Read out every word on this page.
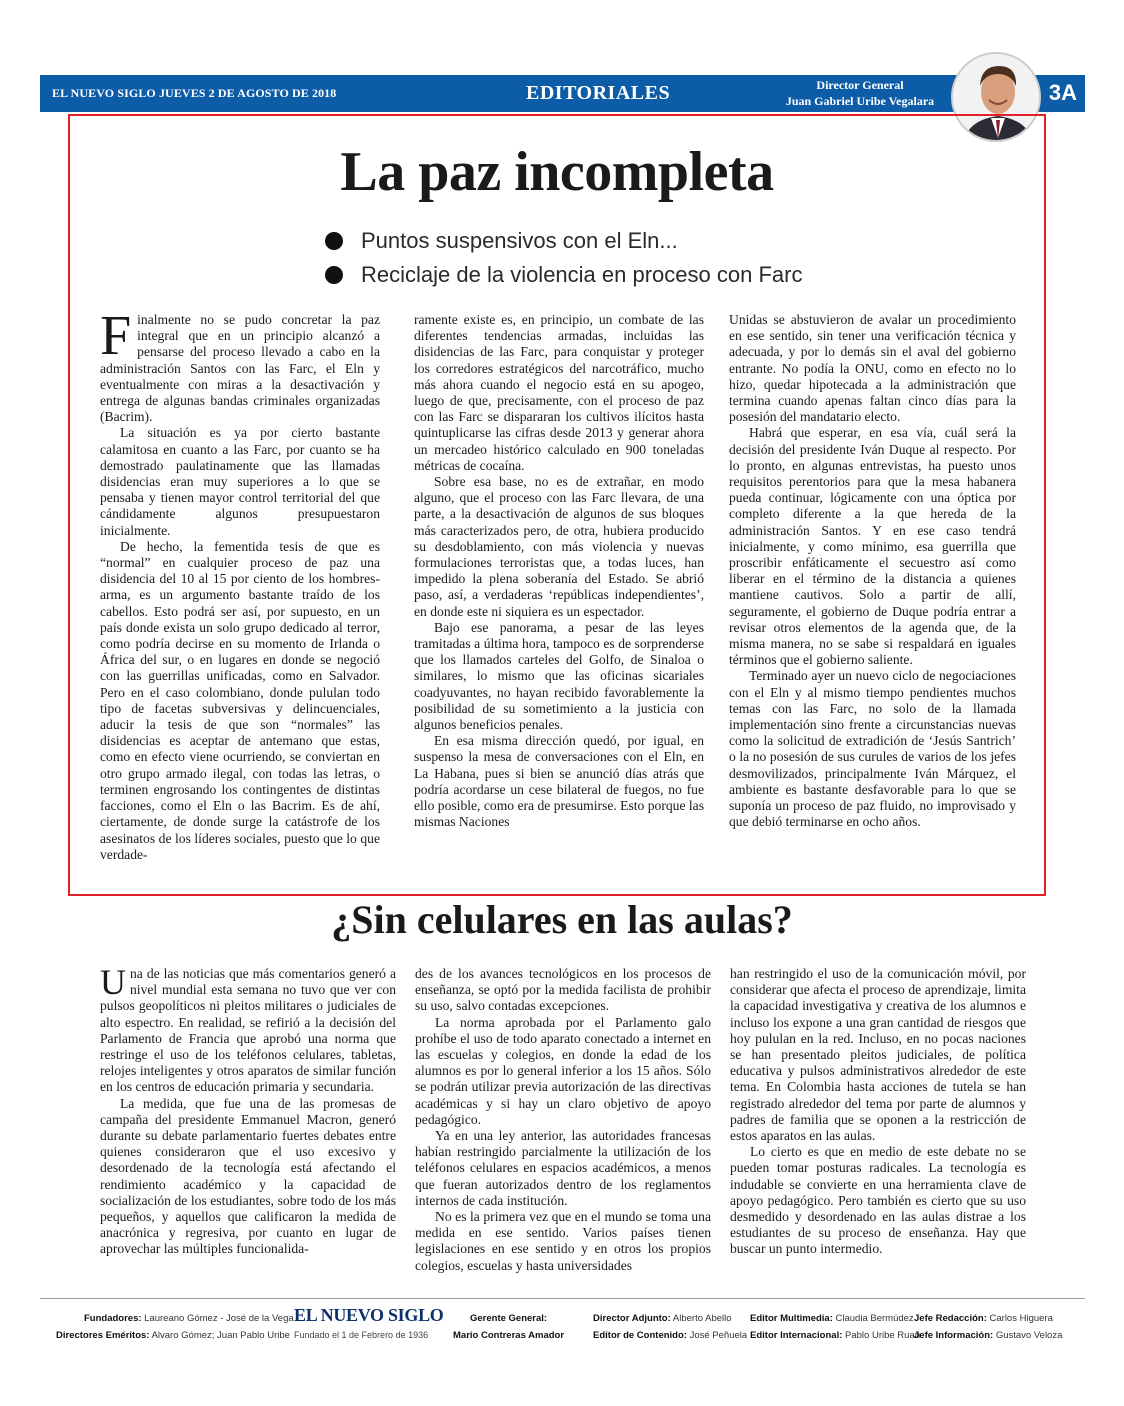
EL NUEVO SIGLO JUEVES 2 DE AGOSTO DE 2018	EDITORIALES	Director General
Juan Gabriel Uribe Vegalara	3A
La paz incompleta
Puntos suspensivos con el Eln...
Reciclaje de la violencia en proceso con Farc

Finalmente no se pudo concretar la paz integral que en un principio alcanzó a pensarse del proceso llevado a cabo en la administración Santos con las Farc, el Eln y eventualmente con miras a la desactivación y entrega de algunas bandas criminales organizadas (Bacrim).

La situación es ya por cierto bastante calamitosa en cuanto a las Farc, por cuanto se ha demostrado paulatinamente que las llamadas disidencias eran muy superiores a lo que se pensaba y tienen mayor control territorial del que cándidamente algunos presupuestaron inicialmente.

De hecho, la fementida tesis de que es “normal” en cualquier proceso de paz una disidencia del 10 al 15 por ciento de los hombres-arma, es un argumento bastante traído de los cabellos. Esto podrá ser así, por supuesto, en un país donde exista un solo grupo dedicado al terror, como podría decirse en su momento de Irlanda o África del sur, o en lugares en donde se negoció con las guerrillas unificadas, como en Salvador. Pero en el caso colombiano, donde pululan todo tipo de facetas subversivas y delincuenciales, aducir la tesis de que son “normales” las disidencias es aceptar de antemano que estas, como en efecto viene ocurriendo, se conviertan en otro grupo armado ilegal, con todas las letras, o terminen engrosando los contingentes de distintas facciones, como el Eln o las Bacrim. Es de ahí, ciertamente, de donde surge la catástrofe de los asesinatos de los líderes sociales, puesto que lo que verdade-

ramente existe es, en principio, un combate de las diferentes tendencias armadas, incluidas las disidencias de las Farc, para conquistar y proteger los corredores estratégicos del narcotráfico, mucho más ahora cuando el negocio está en su apogeo, luego de que, precisamente, con el proceso de paz con las Farc se dispararan los cultivos ilícitos hasta quintuplicarse las cifras desde 2013 y generar ahora un mercadeo histórico calculado en 900 toneladas métricas de cocaína.

Sobre esa base, no es de extrañar, en modo alguno, que el proceso con las Farc llevara, de una parte, a la desactivación de algunos de sus bloques más caracterizados pero, de otra, hubiera producido su desdoblamiento, con más violencia y nuevas formulaciones terroristas que, a todas luces, han impedido la plena soberanía del Estado. Se abrió paso, así, a verdaderas ‘repúblicas independientes’, en donde este ni siquiera es un espectador.

Bajo ese panorama, a pesar de las leyes tramitadas a última hora, tampoco es de sorprenderse que los llamados carteles del Golfo, de Sinaloa o similares, lo mismo que las oficinas sicariales coadyuvantes, no hayan recibido favorablemente la posibilidad de su sometimiento a la justicia con algunos beneficios penales.

En esa misma dirección quedó, por igual, en suspenso la mesa de conversaciones con el Eln, en La Habana, pues si bien se anunció días atrás que podría acordarse un cese bilateral de fuegos, no fue ello posible, como era de presumirse. Esto porque las mismas Naciones

Unidas se abstuvieron de avalar un procedimiento en ese sentido, sin tener una verificación técnica y adecuada, y por lo demás sin el aval del gobierno entrante. No podía la ONU, como en efecto no lo hizo, quedar hipotecada a la administración que termina cuando apenas faltan cinco días para la posesión del mandatario electo.

Habrá que esperar, en esa vía, cuál será la decisión del presidente Iván Duque al respecto. Por lo pronto, en algunas entrevistas, ha puesto unos requisitos perentorios para que la mesa habanera pueda continuar, lógicamente con una óptica por completo diferente a la que hereda de la administración Santos. Y en ese caso tendrá inicialmente, y como mínimo, esa guerrilla que proscribir enfáticamente el secuestro así como liberar en el término de la distancia a quienes mantiene cautivos. Solo a partir de allí, seguramente, el gobierno de Duque podría entrar a revisar otros elementos de la agenda que, de la misma manera, no se sabe si respaldará en iguales términos que el gobierno saliente.

Terminado ayer un nuevo ciclo de negociaciones con el Eln y al mismo tiempo pendientes muchos temas con las Farc, no solo de la llamada implementación sino frente a circunstancias nuevas como la solicitud de extradición de ‘Jesús Santrich’ o la no posesión de sus curules de varios de los jefes desmovilizados, principalmente Iván Márquez, el ambiente es bastante desfavorable para lo que se suponía un proceso de paz fluido, no improvisado y que debió terminarse en ocho años.

¿Sin celulares en las aulas?

Una de las noticias que más comentarios generó a nivel mundial esta semana no tuvo que ver con pulsos geopolíticos ni pleitos militares o judiciales de alto espectro. En realidad, se refirió a la decisión del Parlamento de Francia que aprobó una norma que restringe el uso de los teléfonos celulares, tabletas, relojes inteligentes y otros aparatos de similar función en los centros de educación primaria y secundaria.

La medida, que fue una de las promesas de campaña del presidente Emmanuel Macron, generó durante su debate parlamentario fuertes debates entre quienes consideraron que el uso excesivo y desordenado de la tecnología está afectando el rendimiento académico y la capacidad de socialización de los estudiantes, sobre todo de los más pequeños, y aquellos que calificaron la medida de anacrónica y regresiva, por cuanto en lugar de aprovechar las múltiples funcionalida-

des de los avances tecnológicos en los procesos de enseñanza, se optó por la medida facilista de prohibir su uso, salvo contadas excepciones.

La norma aprobada por el Parlamento galo prohíbe el uso de todo aparato conectado a internet en las escuelas y colegios, en donde la edad de los alumnos es por lo general inferior a los 15 años. Sólo se podrán utilizar previa autorización de las directivas académicas y si hay un claro objetivo de apoyo pedagógico.

Ya en una ley anterior, las autoridades francesas habían restringido parcialmente la utilización de los teléfonos celulares en espacios académicos, a menos que fueran autorizados dentro de los reglamentos internos de cada institución.

No es la primera vez que en el mundo se toma una medida en ese sentido. Varios países tienen legislaciones en ese sentido y en otros los propios colegios, escuelas y hasta universidades

han restringido el uso de la comunicación móvil, por considerar que afecta el proceso de aprendizaje, limita la capacidad investigativa y creativa de los alumnos e incluso los expone a una gran cantidad de riesgos que hoy pululan en la red. Incluso, en no pocas naciones se han presentado pleitos judiciales, de política educativa y pulsos administrativos alrededor de este tema. En Colombia hasta acciones de tutela se han registrado alrededor del tema por parte de alumnos y padres de familia que se oponen a la restricción de estos aparatos en las aulas.

Lo cierto es que en medio de este debate no se pueden tomar posturas radicales. La tecnología es indudable se convierte en una herramienta clave de apoyo pedagógico. Pero también es cierto que su uso desmedido y desordenado en las aulas distrae a los estudiantes de su proceso de enseñanza. Hay que buscar un punto intermedio.

Fundadores: Laureano Gómez - José de la Vega
Directores Eméritos: Alvaro Gómez; Juan Pablo Uribe
EL NUEVO SIGLO
Fundado el 1 de Febrero de 1936
Gerente General:
Mario Contreras Amador
Director Adjunto: Alberto Abello
Editor de Contenido: José Peñuela
Editor Multimedia: Claudia Bermúdez
Editor Internacional: Pablo Uribe Ruan
Jefe Redacción: Carlos Higuera
Jefe Información: Gustavo Veloza
